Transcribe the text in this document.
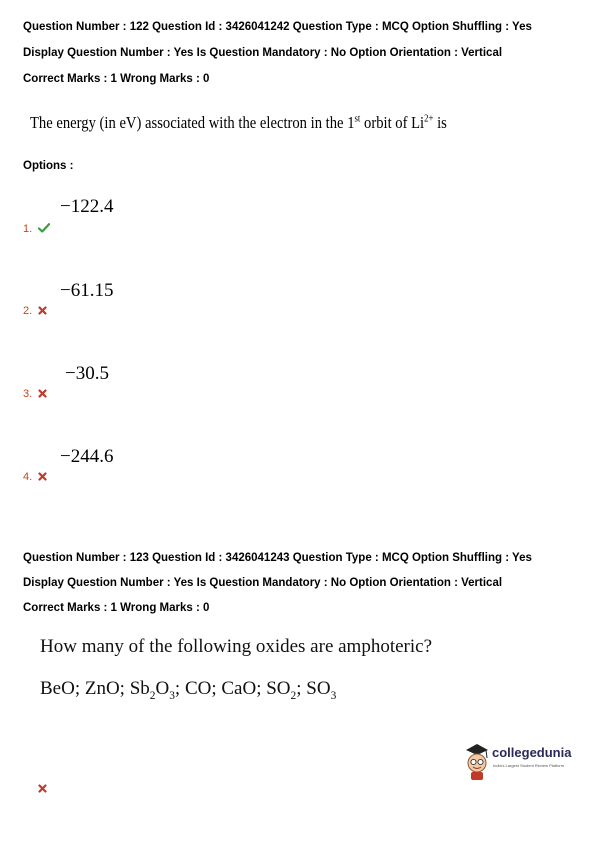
Question Number : 122 Question Id : 3426041242 Question Type : MCQ Option Shuffling : Yes
Display Question Number : Yes Is Question Mandatory : No Option Orientation : Vertical
Correct Marks : 1 Wrong Marks : 0
The energy (in eV) associated with the electron in the 1st orbit of $Li^{2+}$ is
Options :
−122.4
1.
−61.15
2.
−30.5
3.
−244.6
4.
Question Number : 123 Question Id : 3426041243 Question Type : MCQ Option Shuffling : Yes
Display Question Number : Yes Is Question Mandatory : No Option Orientation : Vertical
Correct Marks : 1 Wrong Marks : 0
How many of the following oxides are amphoteric?
BeO; ZnO; $Sb_2O_3$; CO; CaO; $SO_2$; $SO_3$
collegedunia
India's Largest Student Review Platform
